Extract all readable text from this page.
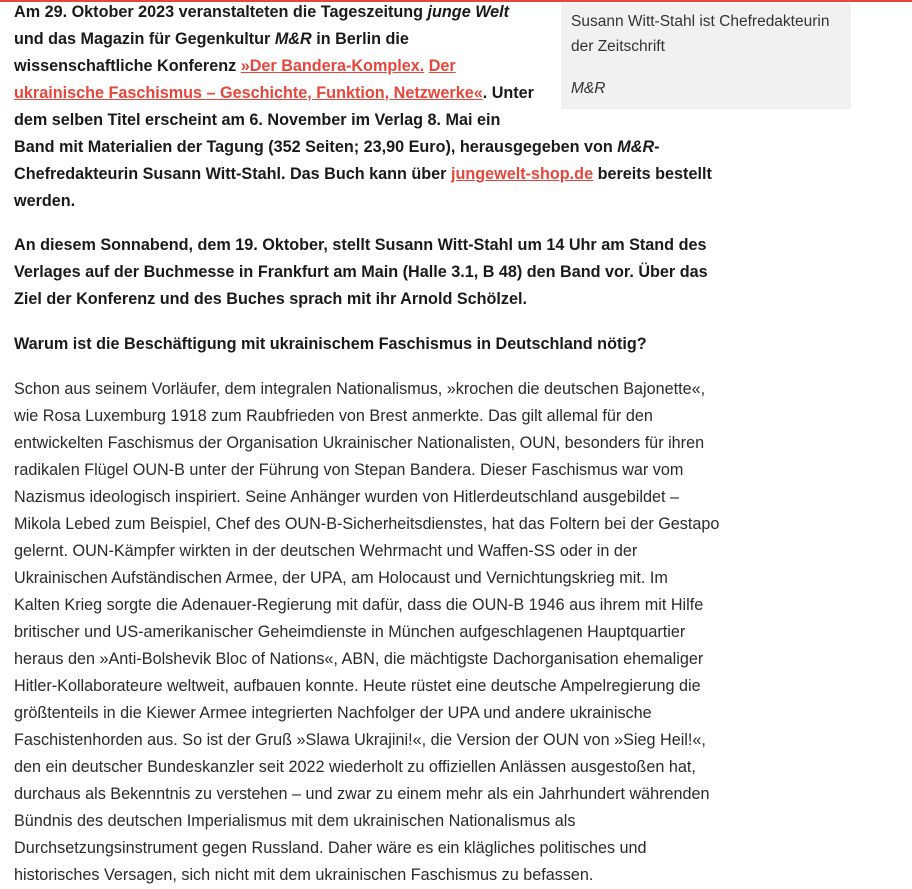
Susann Witt-Stahl ist Chefredakteurin
der Zeitschrift
M&R

Am 29. Oktober 2023 veranstalteten die Tageszeitung junge Welt
und das Magazin für Gegenkultur M&R in Berlin die
wissenschaftliche Konferenz »Der Bandera-Komplex. Der
ukrainische Faschismus – Geschichte, Funktion, Netzwerke«. Unter

dem selben Titel erscheint am 6. November im Verlag 8. Mai ein
Band mit Materialien der Tagung (352 Seiten; 23,90 Euro), herausgegeben von M&R-
Chefredakteurin Susann Witt-Stahl. Das Buch kann über jungewelt-shop.de bereits bestellt
werden.

An diesem Sonnabend, dem 19. Oktober, stellt Susann Witt-Stahl um 14 Uhr am Stand des
Verlages auf der Buchmesse in Frankfurt am Main (Halle 3.1, B 48) den Band vor. Über das
Ziel der Konferenz und des Buches sprach mit ihr Arnold Schölzel.

Warum ist die Beschäftigung mit ukrainischem Faschismus in Deutschland nötig?

Schon aus seinem Vorläufer, dem integralen Nationalismus, »krochen die deutschen Bajonette«,
wie Rosa Luxemburg 1918 zum Raubfrieden von Brest anmerkte. Das gilt allemal für den
entwickelten Faschismus der Organisation Ukrainischer Nationalisten, OUN, besonders für ihren
radikalen Flügel OUN-B unter der Führung von Stepan Bandera. Dieser Faschismus war vom
Nazismus ideologisch inspiriert. Seine Anhänger wurden von Hitlerdeutschland ausgebildet –
Mikola Lebed zum Beispiel, Chef des OUN-B-Sicherheitsdienstes, hat das Foltern bei der Gestapo
gelernt. OUN-Kämpfer wirkten in der deutschen Wehrmacht und Waffen-SS oder in der
Ukrainischen Aufständischen Armee, der UPA, am Holocaust und Vernichtungskrieg mit. Im
Kalten Krieg sorgte die Adenauer-Regierung mit dafür, dass die OUN-B 1946 aus ihrem mit Hilfe
britischer und US-amerikanischer Geheimdienste in München aufgeschlagenen Hauptquartier
heraus den »Anti-Bolshevik Bloc of Nations«, ABN, die mächtigste Dachorganisation ehemaliger
Hitler-Kollaborateure weltweit, aufbauen konnte. Heute rüstet eine deutsche Ampelregierung die
größtenteils in die Kiewer Armee integrierten Nachfolger der UPA und andere ukrainische
Faschistenhorden aus. So ist der Gruß »Slawa Ukrajini!«, die Version der OUN von »Sieg Heil!«,
den ein deutscher Bundeskanzler seit 2022 wiederholt zu offiziellen Anlässen ausgestoßen hat,
durchaus als Bekenntnis zu verstehen – und zwar zu einem mehr als ein Jahrhundert währenden
Bündnis des deutschen Imperialismus mit dem ukrainischen Nationalismus als
Durchsetzungsinstrument gegen Russland. Daher wäre es ein klägliches politisches und
historisches Versagen, sich nicht mit dem ukrainischen Faschismus zu befassen.
